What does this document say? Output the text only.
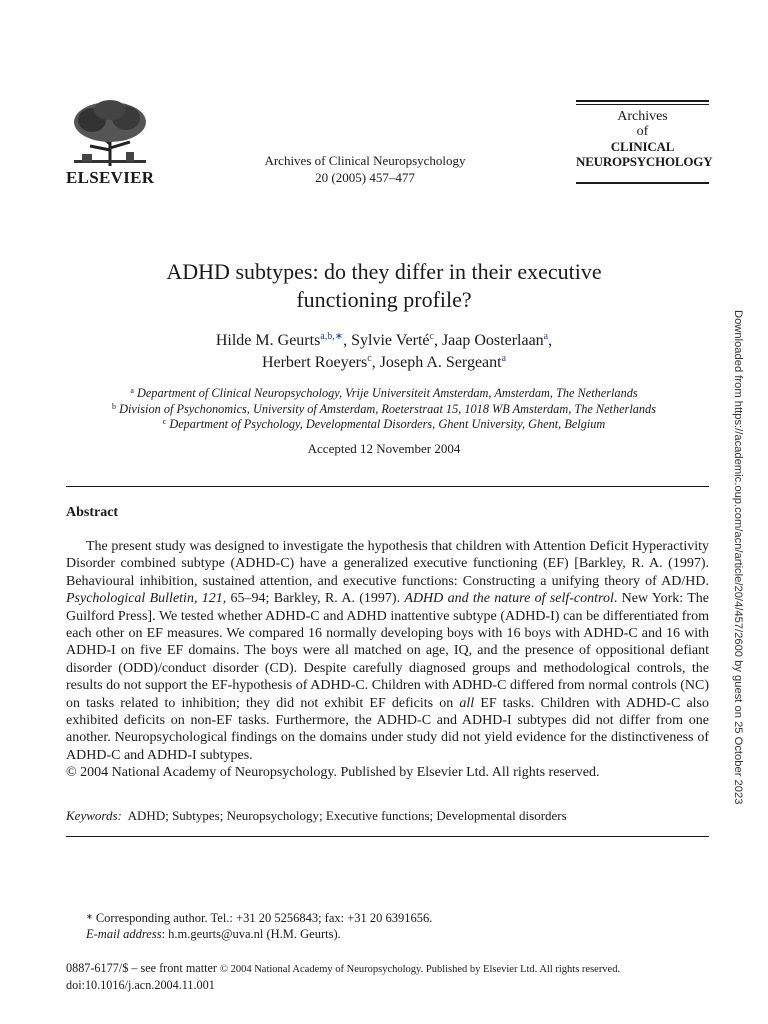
ELSEVIER
Archives of Clinical Neuropsychology
20 (2005) 457–477
Archives
of
CLINICAL
NEUROPSYCHOLOGY
ADHD subtypes: do they differ in their executive
functioning profile?
Hilde M. Geurts$^{a,b,∗}$, Sylvie Verté$^c$, Jaap Oosterlaan$^a$,
Herbert Roeyers$^c$, Joseph A. Sergeant$^a$
$^a$ Department of Clinical Neuropsychology, Vrije Universiteit Amsterdam, Amsterdam, The Netherlands
$^b$ Division of Psychonomics, University of Amsterdam, Roeterstraat 15, 1018 WB Amsterdam, The Netherlands
$^c$ Department of Psychology, Developmental Disorders, Ghent University, Ghent, Belgium
Accepted 12 November 2004
Abstract

The present study was designed to investigate the hypothesis that children with Attention Deficit Hyperactivity Disorder combined subtype (ADHD-C) have a generalized executive functioning (EF) [Barkley, R. A. (1997). Behavioural inhibition, sustained attention, and executive functions: Constructing a unifying theory of AD/HD. Psychological Bulletin, 121, 65–94; Barkley, R. A. (1997). ADHD and the nature of self-control. New York: The Guilford Press]. We tested whether ADHD-C and ADHD inattentive subtype (ADHD-I) can be differentiated from each other on EF measures. We compared 16 normally developing boys with 16 boys with ADHD-C and 16 with ADHD-I on five EF domains. The boys were all matched on age, IQ, and the presence of oppositional defiant disorder (ODD)/conduct disorder (CD). Despite carefully diagnosed groups and methodological controls, the results do not support the EF-hypothesis of ADHD-C. Children with ADHD-C differed from normal controls (NC) on tasks related to inhibition; they did not exhibit EF deficits on all EF tasks. Children with ADHD-C also exhibited deficits on non-EF tasks. Furthermore, the ADHD-C and ADHD-I subtypes did not differ from one another. Neuropsychological findings on the domains under study did not yield evidence for the distinctiveness of ADHD-C and ADHD-I subtypes.

© 2004 National Academy of Neuropsychology. Published by Elsevier Ltd. All rights reserved.

Keywords: ADHD; Subtypes; Neuropsychology; Executive functions; Developmental disorders
∗ Corresponding author. Tel.: +31 20 5256843; fax: +31 20 6391656.
E-mail address: h.m.geurts@uva.nl (H.M. Geurts).
0887-6177/$ – see front matter © 2004 National Academy of Neuropsychology. Published by Elsevier Ltd. All rights reserved.
doi:10.1016/j.acn.2004.11.001
Downloaded from https://academic.oup.com/acn/article/20/4/457/2600 by guest on 25 October 2023
